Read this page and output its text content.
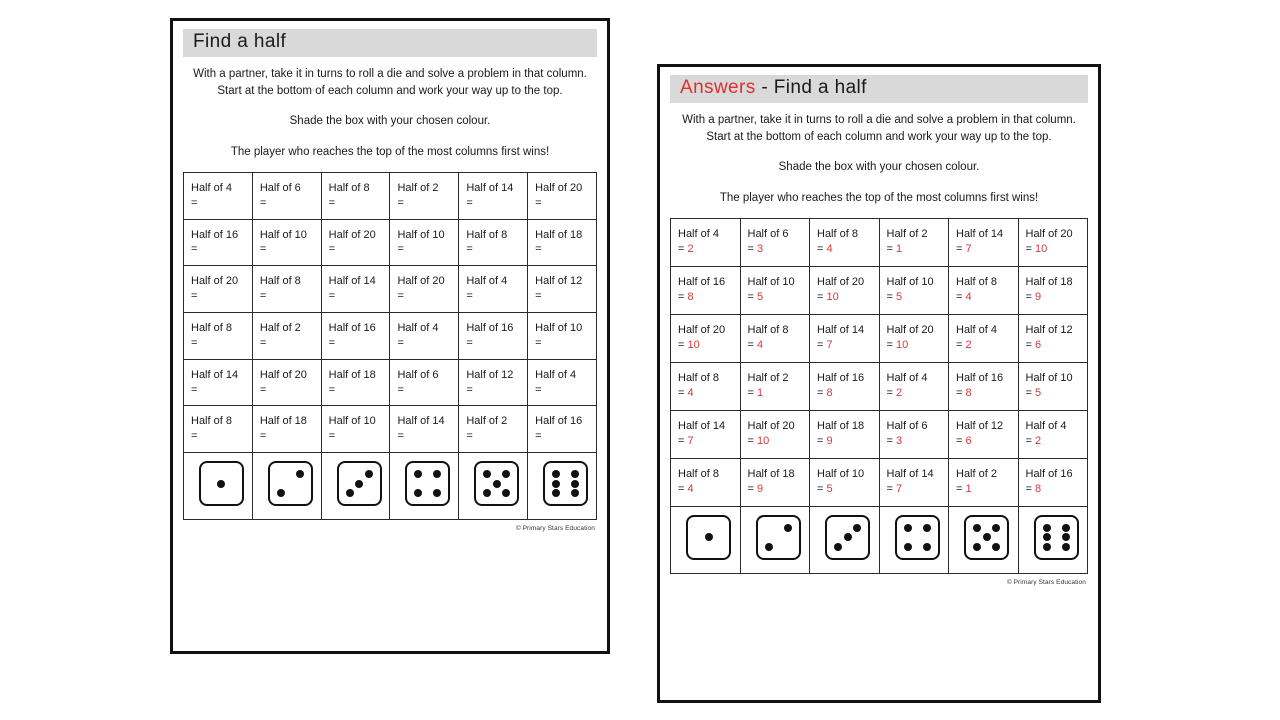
Find a half
With a partner, take it in turns to roll a die and solve a problem in that column.
Start at the bottom of each column and work your way up to the top.
Shade the box with your chosen colour.
The player who reaches the top of the most columns first wins!
Half of 4
=	Half of 6
=	Half of 8
=	Half of 2
=	Half of 14
=	Half of 20
=

Half of 16
=	Half of 10
=	Half of 20
=	Half of 10
=	Half of 8
=	Half of 18
=

Half of 20
=	Half of 8
=	Half of 14
=	Half of 20
=	Half of 4
=	Half of 12
=

Half of 8
=	Half of 2
=	Half of 16
=	Half of 4
=	Half of 16
=	Half of 10
=

Half of 14
=	Half of 20
=	Half of 18
=	Half of 6
=	Half of 12
=	Half of 4
=

Half of 8
=	Half of 18
=	Half of 10
=	Half of 14
=	Half of 2
=	Half of 16
=

© Primary Stars Education
Answers - Find a half
With a partner, take it in turns to roll a die and solve a problem in that column.
Start at the bottom of each column and work your way up to the top.
Shade the box with your chosen colour.
The player who reaches the top of the most columns first wins!
Half of 4
= 2	Half of 6
= 3	Half of 8
= 4	Half of 2
= 1	Half of 14
= 7	Half of 20
= 10

Half of 16
= 8	Half of 10
= 5	Half of 20
= 10	Half of 10
= 5	Half of 8
= 4	Half of 18
= 9

Half of 20
= 10	Half of 8
= 4	Half of 14
= 7	Half of 20
= 10	Half of 4
= 2	Half of 12
= 6

Half of 8
= 4	Half of 2
= 1	Half of 16
= 8	Half of 4
= 2	Half of 16
= 8	Half of 10
= 5

Half of 14
= 7	Half of 20
= 10	Half of 18
= 9	Half of 6
= 3	Half of 12
= 6	Half of 4
= 2

Half of 8
= 4	Half of 18
= 9	Half of 10
= 5	Half of 14
= 7	Half of 2
= 1	Half of 16
= 8

© Primary Stars Education
